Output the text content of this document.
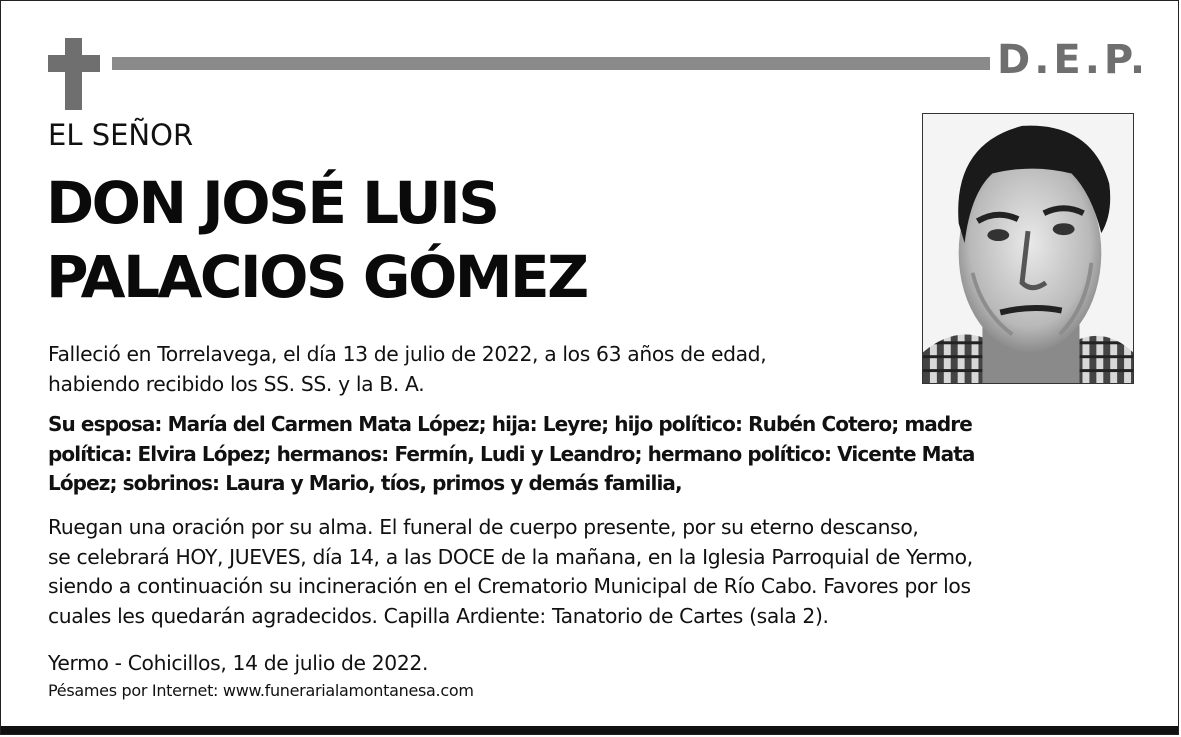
D.E.P.
EL SEÑOR
DON JOSÉ LUIS
PALACIOS GÓMEZ
Falleció en Torrelavega, el día 13 de julio de 2022, a los 63 años de edad,
habiendo recibido los SS. SS. y la B. A.
Su esposa: María del Carmen Mata López; hija: Leyre; hijo político: Rubén Cotero; madre
política: Elvira López; hermanos: Fermín, Ludi y Leandro; hermano político: Vicente Mata
López; sobrinos: Laura y Mario, tíos, primos y demás familia,
Ruegan una oración por su alma. El funeral de cuerpo presente, por su eterno descanso,
se celebrará HOY, JUEVES, día 14, a las DOCE de la mañana, en la Iglesia Parroquial de Yermo,
siendo a continuación su incineración en el Crematorio Municipal de Río Cabo. Favores por los
cuales les quedarán agradecidos. Capilla Ardiente: Tanatorio de Cartes (sala 2).
Yermo - Cohicillos, 14 de julio de 2022.
Pésames por Internet: www.funerarialamontanesa.com
